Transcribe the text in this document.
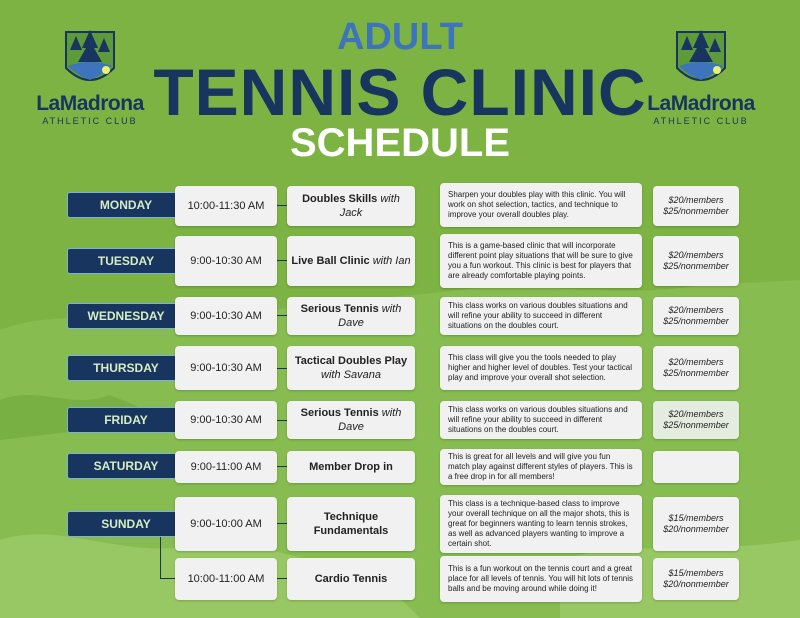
LaMadrona
ATHLETIC CLUB
LaMadrona
ATHLETIC CLUB
ADULT
TENNIS CLINIC
SCHEDULE
MONDAY	10:00-11:30 AM
Doubles Skills with Jack
Sharpen your doubles play with this clinic. You will work on shot selection, tactics, and technique to improve your overall doubles play.
$20/members
$25/nonmember
TUESDAY	9:00-10:30 AM	Live Ball Clinic with Ian
This is a game-based clinic that will incorporate different point play situations that will be sure to give you a fun workout. This clinic is best for players that are already comfortable playing points.
$20/members
$25/nonmember
WEDNESDAY	9:00-10:30 AM
Serious Tennis with Dave
This class works on various doubles situations and will refine your ability to succeed in different situations on the doubles court.
$20/members
$25/nonmember
THURSDAY	9:00-10:30 AM
Tactical Doubles Play
with Savana
This class will give you the tools needed to play higher and higher level of doubles. Test your tactical play and improve your overall shot selection.
$20/members
$25/nonmember
FRIDAY	9:00-10:30 AM
Serious Tennis with Dave
This class works on various doubles situations and will refine your ability to succeed in different situations on the doubles court.
$20/members
$25/nonmember
SATURDAY	9:00-11:00 AM	Member Drop in
This is great for all levels and will give you fun match play against different styles of players. This is a free drop in for all members!
SUNDAY	9:00-10:00 AM
Technique Fundamentals
This class is a technique-based class to improve your overall technique on all the major shots, this is great for beginners wanting to learn tennis strokes, as well as advanced players wanting to improve a certain shot.
$15/members
$20/nonmember
10:00-11:00 AM	Cardio Tennis
This is a fun workout on the tennis court and a great place for all levels of tennis. You will hit lots of tennis balls and be moving around while doing it!
$15/members
$20/nonmember
